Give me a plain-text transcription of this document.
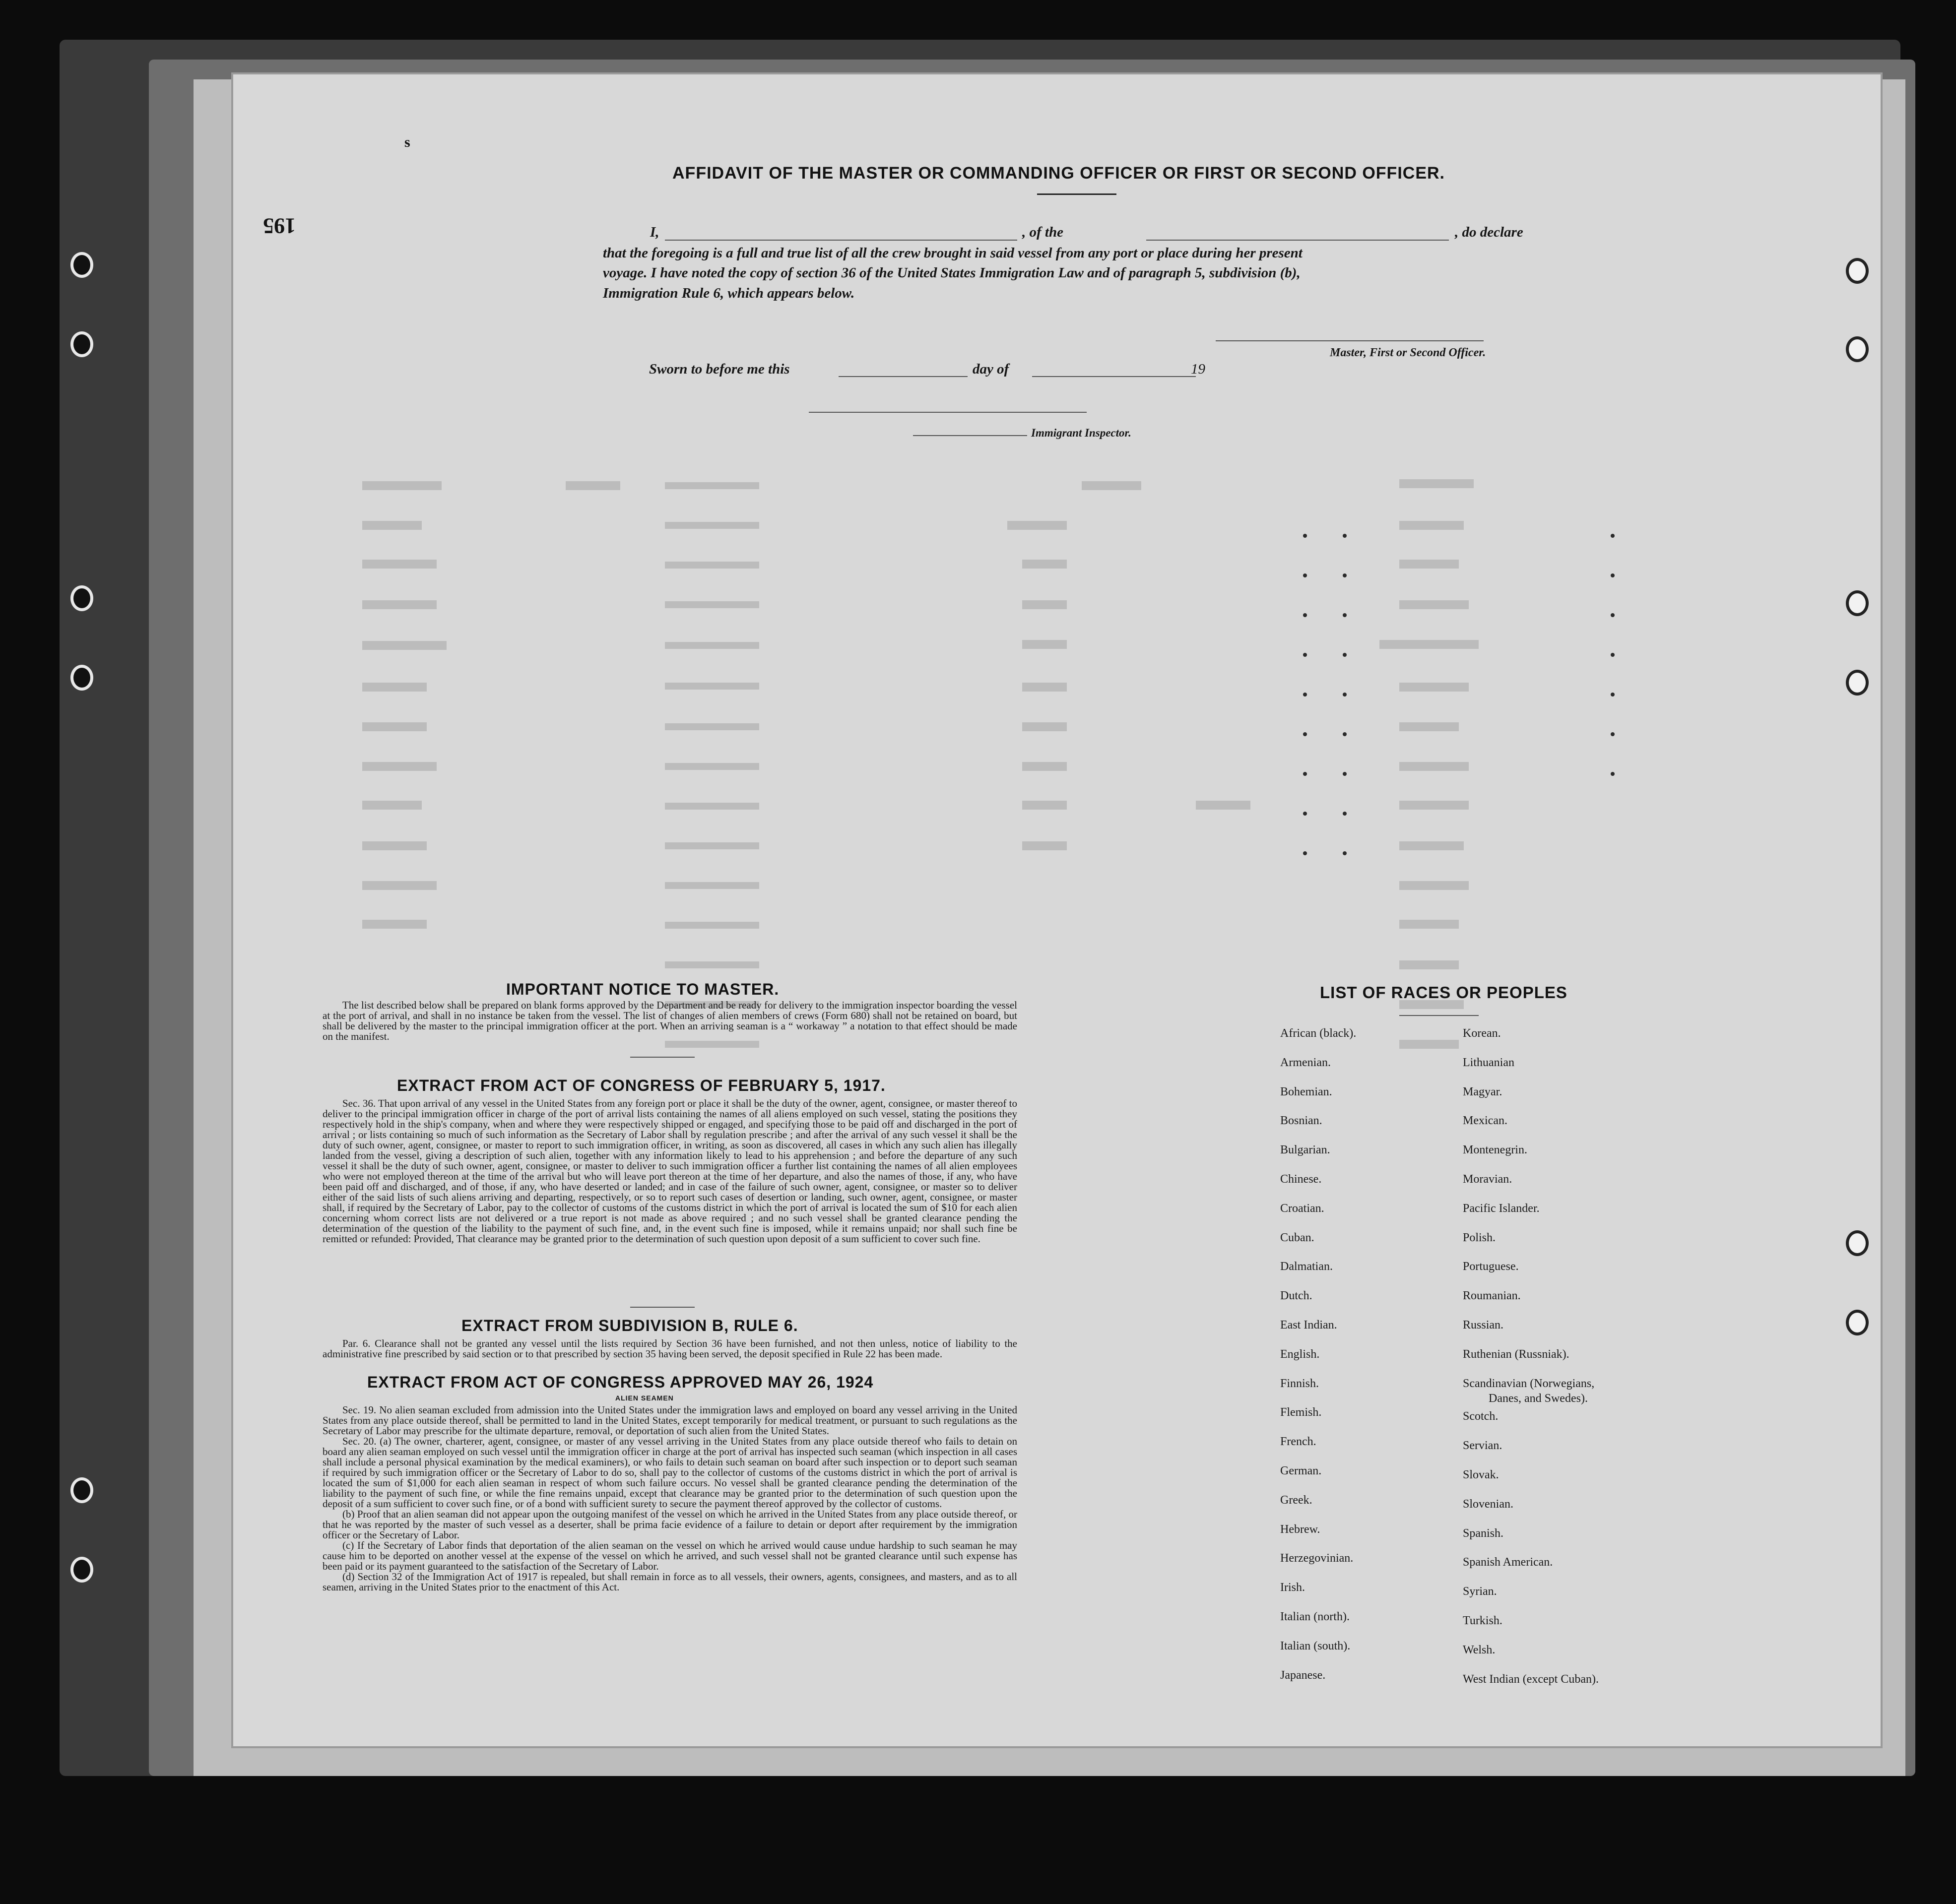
195
s
AFFIDAVIT OF THE MASTER OR COMMANDING OFFICER OR FIRST OR SECOND OFFICER.
I,	, of the	, do declare
that the foregoing is a full and true list of all the crew brought in said vessel from any port or place during her present
voyage. I have noted the copy of section 36 of the United States Immigration Law and of paragraph 5, subdivision (b),
Immigration Rule 6, which appears below.
Master, First or Second Officer.
Sworn to before me this	day of	19
Immigrant Inspector.
IMPORTANT NOTICE TO MASTER.

The list described below shall be prepared on blank forms approved by the Department and be ready for delivery to the immigration inspector boarding the vessel at the port of arrival, and shall in no instance be taken from the vessel. The list of changes of alien members of crews (Form 680) shall not be retained on board, but shall be delivered by the master to the principal immigration officer at the port. When an arriving seaman is a “ workaway ” a notation to that effect should be made on the manifest.

EXTRACT FROM ACT OF CONGRESS OF FEBRUARY 5, 1917.

Sec. 36. That upon arrival of any vessel in the United States from any foreign port or place it shall be the duty of the owner, agent, consignee, or master thereof to deliver to the principal immigration officer in charge of the port of arrival lists containing the names of all aliens employed on such vessel, stating the positions they respectively hold in the ship's company, when and where they were respectively shipped or engaged, and specifying those to be paid off and discharged in the port of arrival ; or lists containing so much of such information as the Secretary of Labor shall by regulation prescribe ; and after the arrival of any such vessel it shall be the duty of such owner, agent, consignee, or master to report to such immigration officer, in writing, as soon as discovered, all cases in which any such alien has illegally landed from the vessel, giving a description of such alien, together with any information likely to lead to his apprehension ; and before the departure of any such vessel it shall be the duty of such owner, agent, consignee, or master to deliver to such immigration officer a further list containing the names of all alien employees who were not employed thereon at the time of the arrival but who will leave port thereon at the time of her departure, and also the names of those, if any, who have been paid off and discharged, and of those, if any, who have deserted or landed; and in case of the failure of such owner, agent, consignee, or master so to deliver either of the said lists of such aliens arriving and departing, respectively, or so to report such cases of desertion or landing, such owner, agent, consignee, or master shall, if required by the Secretary of Labor, pay to the collector of customs of the customs district in which the port of arrival is located the sum of $10 for each alien concerning whom correct lists are not delivered or a true report is not made as above required ; and no such vessel shall be granted clearance pending the determination of the question of the liability to the payment of such fine, and, in the event such fine is imposed, while it remains unpaid; nor shall such fine be remitted or refunded: Provided, That clearance may be granted prior to the determination of such question upon deposit of a sum sufficient to cover such fine.

EXTRACT FROM SUBDIVISION B, RULE 6.

Par. 6. Clearance shall not be granted any vessel until the lists required by Section 36 have been furnished, and not then unless, notice of liability to the administrative fine prescribed by said section or to that prescribed by section 35 having been served, the deposit specified in Rule 22 has been made.

EXTRACT FROM ACT OF CONGRESS APPROVED MAY 26, 1924
ALIEN SEAMEN

Sec. 19. No alien seaman excluded from admission into the United States under the immigration laws and employed on board any vessel arriving in the United States from any place outside thereof, shall be permitted to land in the United States, except temporarily for medical treatment, or pursuant to such regulations as the Secretary of Labor may prescribe for the ultimate departure, removal, or deportation of such alien from the United States.

Sec. 20. (a) The owner, charterer, agent, consignee, or master of any vessel arriving in the United States from any place outside thereof who fails to detain on board any alien seaman employed on such vessel until the immigration officer in charge at the port of arrival has inspected such seaman (which inspection in all cases shall include a personal physical examination by the medical examiners), or who fails to detain such seaman on board after such inspection or to deport such seaman if required by such immigration officer or the Secretary of Labor to do so, shall pay to the collector of customs of the customs district in which the port of arrival is located the sum of $1,000 for each alien seaman in respect of whom such failure occurs. No vessel shall be granted clearance pending the determination of the liability to the payment of such fine, or while the fine remains unpaid, except that clearance may be granted prior to the determination of such question upon the deposit of a sum sufficient to cover such fine, or of a bond with sufficient surety to secure the payment thereof approved by the collector of customs.

(b) Proof that an alien seaman did not appear upon the outgoing manifest of the vessel on which he arrived in the United States from any place outside thereof, or that he was reported by the master of such vessel as a deserter, shall be prima facie evidence of a failure to detain or deport after requirement by the immigration officer or the Secretary of Labor.

(c) If the Secretary of Labor finds that deportation of the alien seaman on the vessel on which he arrived would cause undue hardship to such seaman he may cause him to be deported on another vessel at the expense of the vessel on which he arrived, and such vessel shall not be granted clearance until such expense has been paid or its payment guaranteed to the satisfaction of the Secretary of Labor.

(d) Section 32 of the Immigration Act of 1917 is repealed, but shall remain in force as to all vessels, their owners, agents, consignees, and masters, and as to all seamen, arriving in the United States prior to the enactment of this Act.

LIST OF RACES OR PEOPLES
African (black).
Armenian.
Bohemian.
Bosnian.
Bulgarian.
Chinese.
Croatian.
Cuban.
Dalmatian.
Dutch.
East Indian.
English.
Finnish.
Flemish.
French.
German.
Greek.
Hebrew.
Herzegovinian.
Irish.
Italian (north).
Italian (south).
Japanese.
Korean.
Lithuanian
Magyar.
Mexican.
Montenegrin.
Moravian.
Pacific Islander.
Polish.
Portuguese.
Roumanian.
Russian.
Ruthenian (Russniak).
Scandinavian (Norwegians,
Danes, and Swedes).
Scotch.
Servian.
Slovak.
Slovenian.
Spanish.
Spanish American.
Syrian.
Turkish.
Welsh.
West Indian (except Cuban).
